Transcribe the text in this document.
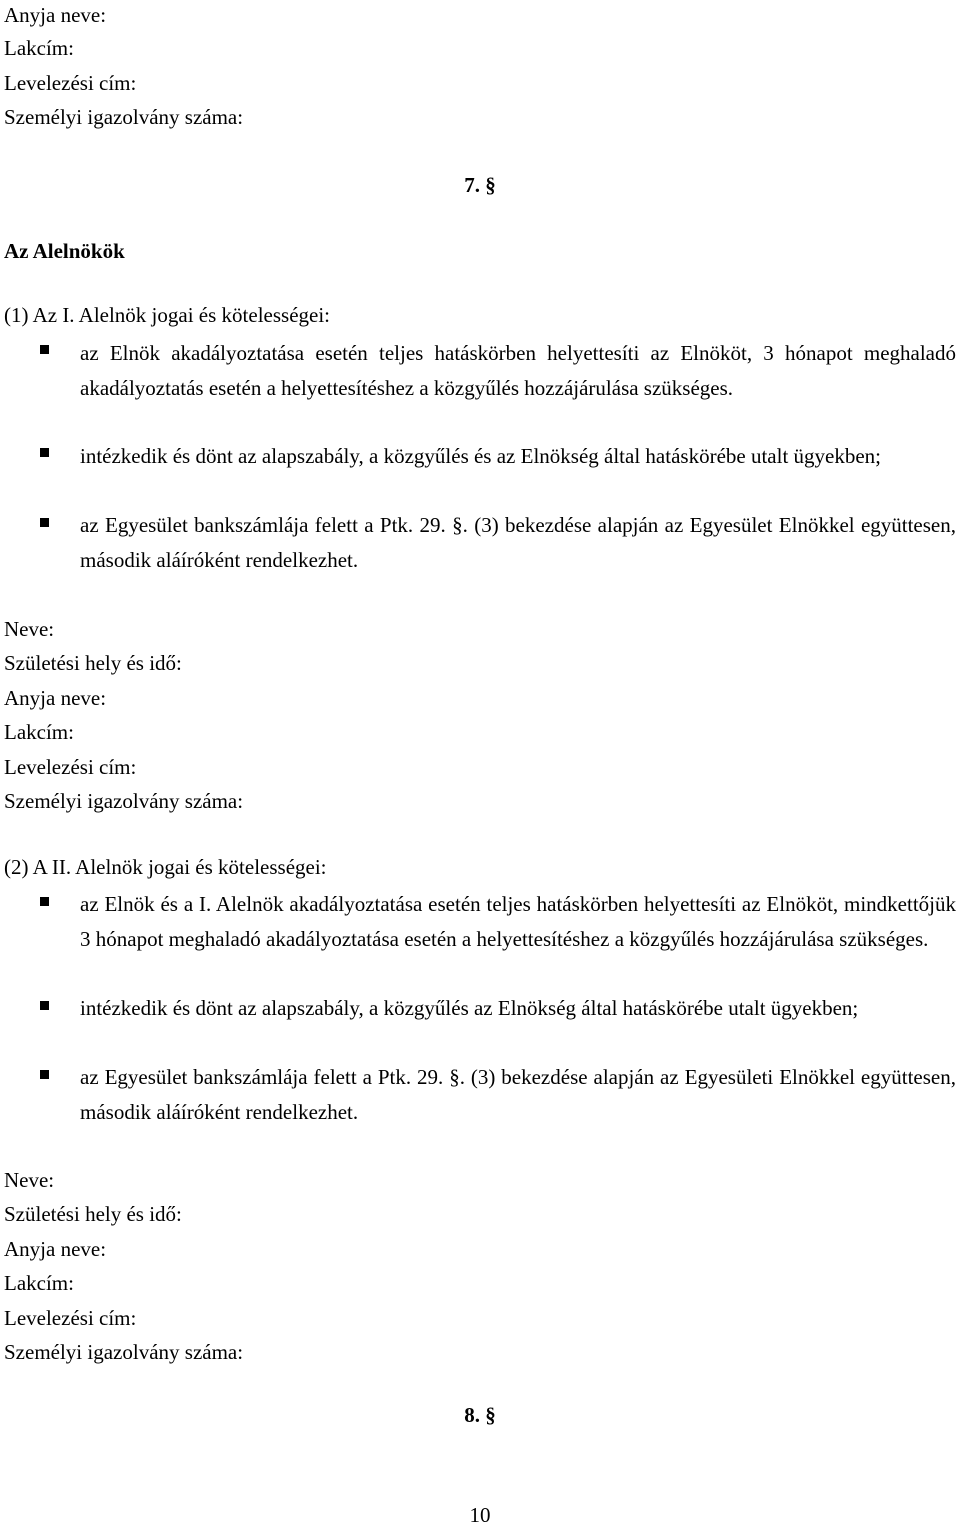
Anyja neve:
Lakcím:
Levelezési cím:
Személyi igazolvány száma:
7. §
Az Alelnökök
(1) Az I. Alelnök jogai és kötelességei:
az Elnök akadályoztatása esetén teljes hatáskörben helyettesíti az Elnököt, 3 hónapot meghaladó akadályoztatás esetén a helyettesítéshez a közgyűlés hozzájárulása szükséges.
intézkedik és dönt az alapszabály, a közgyűlés és az Elnökség által hatáskörébe utalt ügyekben;
az Egyesület bankszámlája felett a Ptk. 29. §. (3) bekezdése alapján az Egyesület Elnökkel együttesen, második aláíróként rendelkezhet.
Neve:
Születési hely és idő:
Anyja neve:
Lakcím:
Levelezési cím:
Személyi igazolvány száma:
(2) A II. Alelnök jogai és kötelességei:
az Elnök és a I. Alelnök akadályoztatása esetén teljes hatáskörben helyettesíti az Elnököt, mindkettőjük 3 hónapot meghaladó akadályoztatása esetén a helyettesítéshez a közgyűlés hozzájárulása szükséges.
intézkedik és dönt az alapszabály, a közgyűlés az Elnökség által hatáskörébe utalt ügyekben;
az Egyesület bankszámlája felett a Ptk. 29. §. (3) bekezdése alapján az Egyesületi Elnökkel együttesen, második aláíróként rendelkezhet.
Neve:
Születési hely és idő:
Anyja neve:
Lakcím:
Levelezési cím:
Személyi igazolvány száma:
8. §
10
